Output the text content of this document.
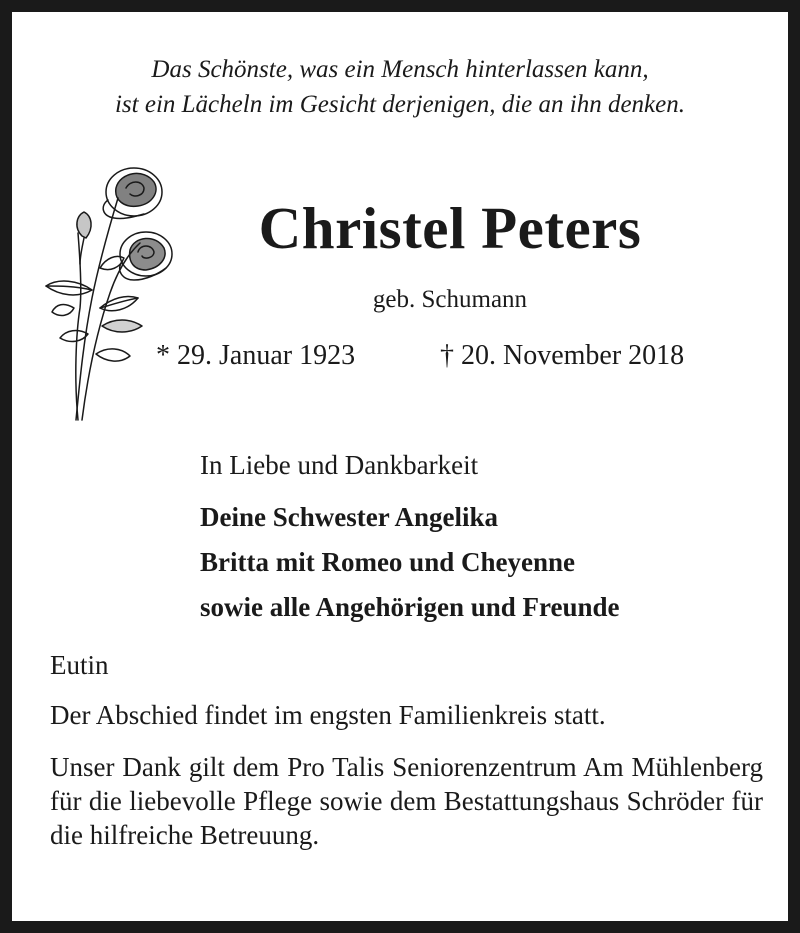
Das Schönste, was ein Mensch hinterlassen kann,
ist ein Lächeln im Gesicht derjenigen, die an ihn denken.
Christel Peters
geb. Schumann
* 29. Januar 1923	† 20. November 2018
In Liebe und Dankbarkeit
Deine Schwester Angelika
Britta mit Romeo und Cheyenne
sowie alle Angehörigen und Freunde
Eutin
Der Abschied findet im engsten Familienkreis statt.
Unser Dank gilt dem Pro Talis Seniorenzentrum Am Mühlenberg für die liebevolle Pflege sowie dem Bestattungshaus Schröder für die hilfreiche Betreuung.
